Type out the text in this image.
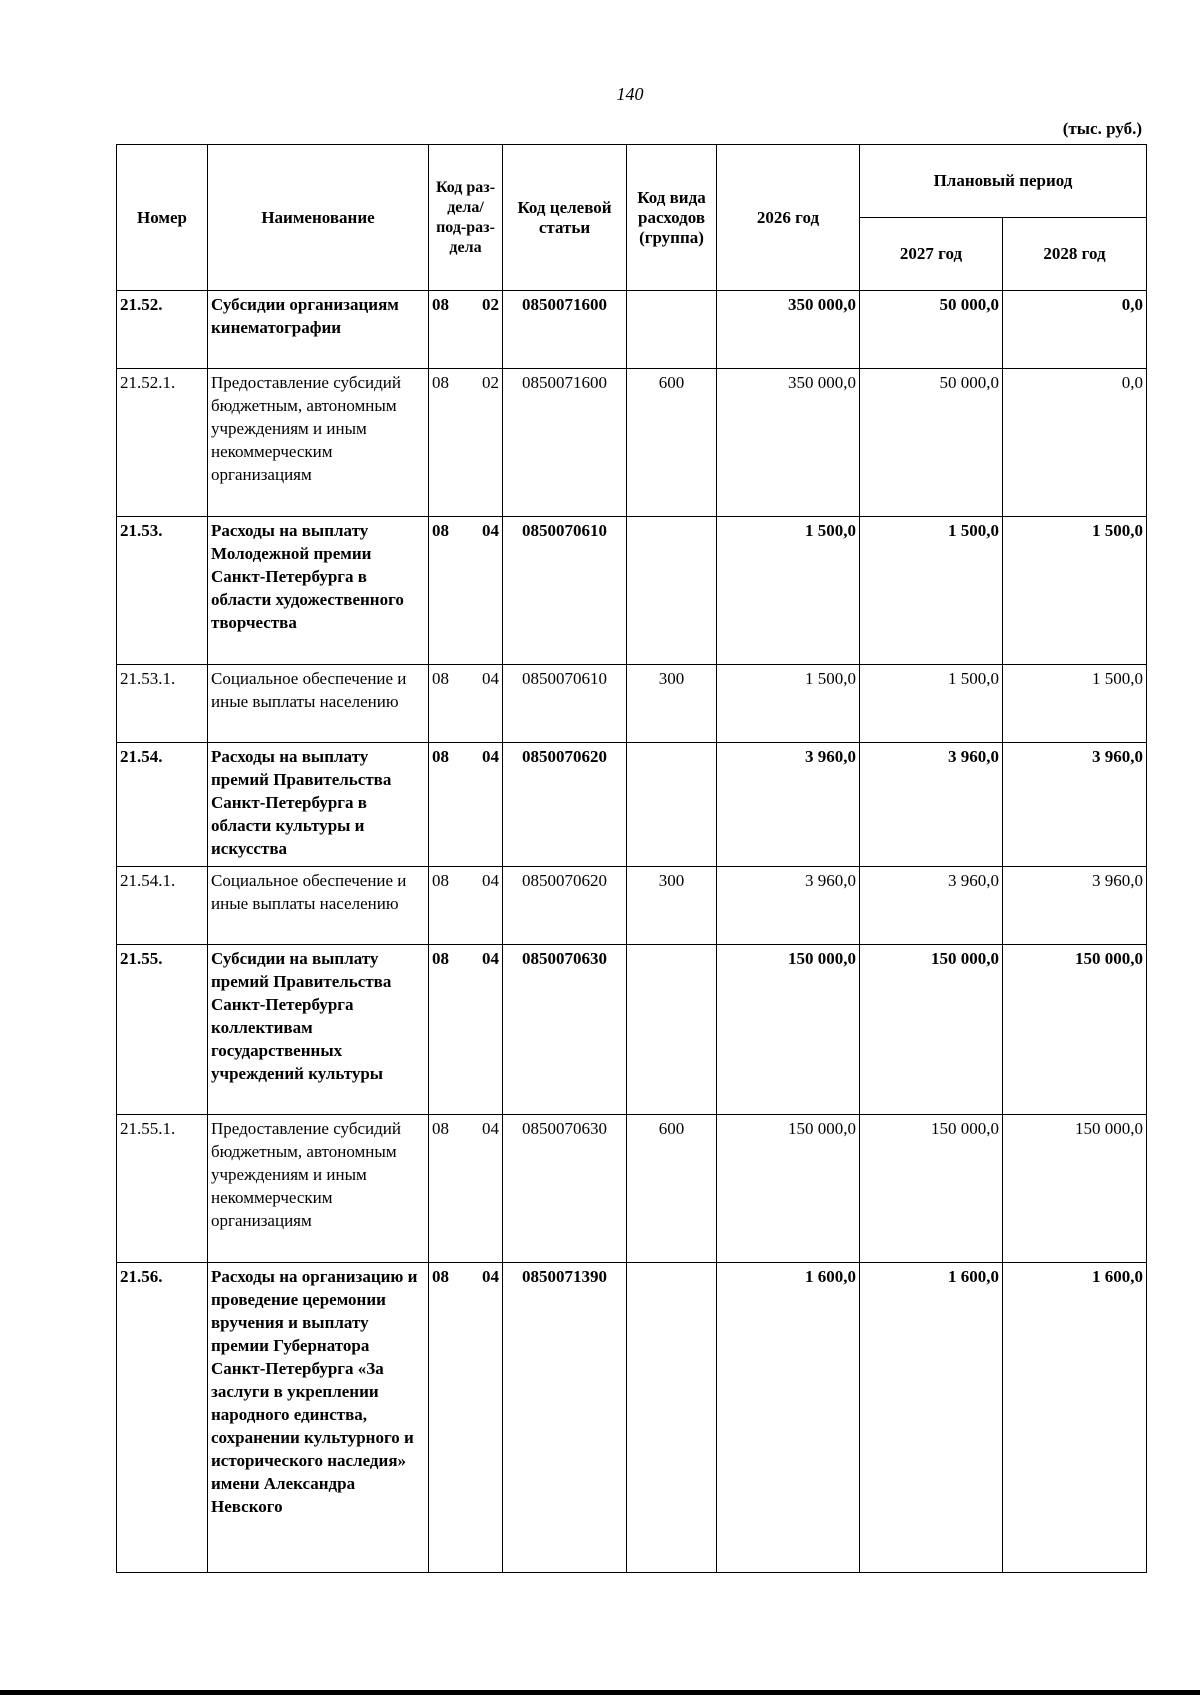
140
(тыс. руб.)
Номер	Наименование	Код раз-дела/ под-раз-дела	Код целевой статьи	Код вида расходов (группа)	2026 год	Плановый период	
						2027 год	2028 год
21.52.	Субсидии организациям кинематографии	08 02	0850071600		350 000,0	50 000,0	0,0
21.52.1.	Предоставление субсидий бюджетным, автономным учреждениям и иным некоммерческим организациям	08 02	0850071600	600	350 000,0	50 000,0	0,0
21.53.	Расходы на выплату Молодежной премии Санкт-Петербурга в области художественного творчества	08 04	0850070610		1 500,0	1 500,0	1 500,0
21.53.1.	Социальное обеспечение и иные выплаты населению	08 04	0850070610	300	1 500,0	1 500,0	1 500,0
21.54.	Расходы на выплату премий Правительства Санкт-Петербурга в области культуры и искусства	08 04	0850070620		3 960,0	3 960,0	3 960,0
21.54.1.	Социальное обеспечение и иные выплаты населению	08 04	0850070620	300	3 960,0	3 960,0	3 960,0
21.55.	Субсидии на выплату премий Правительства Санкт-Петербурга коллективам государственных учреждений культуры	08 04	0850070630		150 000,0	150 000,0	150 000,0
21.55.1.	Предоставление субсидий бюджетным, автономным учреждениям и иным некоммерческим организациям	08 04	0850070630	600	150 000,0	150 000,0	150 000,0
21.56.	Расходы на организацию и проведение церемонии вручения и выплату премии Губернатора Санкт-Петербурга «За заслуги в укреплении народного единства, сохранении культурного и исторического наследия» имени Александра Невского	08 04	0850071390		1 600,0	1 600,0	1 600,0
